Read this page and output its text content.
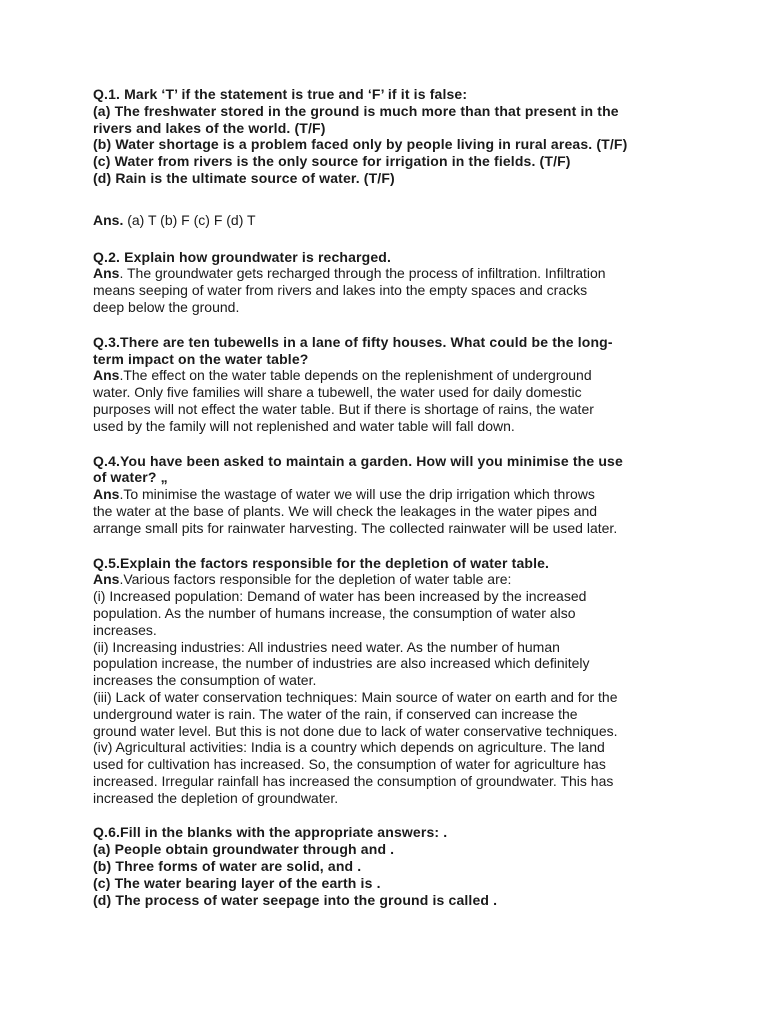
Q.1. Mark ‘T’ if the statement is true and ‘F’ if it is false:
(a) The freshwater stored in the ground is much more than that present in the
rivers and lakes of the world. (T/F)
(b) Water shortage is a problem faced only by people living in rural areas. (T/F)
(c) Water from rivers is the only source for irrigation in the fields. (T/F)
(d) Rain is the ultimate source of water. (T/F)
Ans. (a) T (b) F (c) F (d) T
Q.2. Explain how groundwater is recharged.
Ans. The groundwater gets recharged through the process of infiltration. Infiltration
means seeping of water from rivers and lakes into the empty spaces and cracks
deep below the ground.
Q.3.There are ten tubewells in a lane of fifty houses. What could be the long-
term impact on the water table?
Ans.The effect on the water table depends on the replenishment of underground
water. Only five families will share a tubewell, the water used for daily domestic
purposes will not effect the water table. But if there is shortage of rains, the water
used by the family will not replenished and water table will fall down.
Q.4.You have been asked to maintain a garden. How will you minimise the use
of water? „
Ans.To minimise the wastage of water we will use the drip irrigation which throws
the water at the base of plants. We will check the leakages in the water pipes and
arrange small pits for rainwater harvesting. The collected rainwater will be used later.
Q.5.Explain the factors responsible for the depletion of water table.
Ans.Various factors responsible for the depletion of water table are:
(i) Increased population: Demand of water has been increased by the increased
population. As the number of humans increase, the consumption of water also
increases.
(ii) Increasing industries: All industries need water. As the number of human
population increase, the number of industries are also increased which definitely
increases the consumption of water.
(iii) Lack of water conservation techniques: Main source of water on earth and for the
underground water is rain. The water of the rain, if conserved can increase the
ground water level. But this is not done due to lack of water conservative techniques.
(iv) Agricultural activities: India is a country which depends on agriculture. The land
used for cultivation has increased. So, the consumption of water for agriculture has
increased. Irregular rainfall has increased the consumption of groundwater. This has
increased the depletion of groundwater.
Q.6.Fill in the blanks with the appropriate answers: .
(a) People obtain groundwater through and .
(b) Three forms of water are solid, and .
(c) The water bearing layer of the earth is .
(d) The process of water seepage into the ground is called .
